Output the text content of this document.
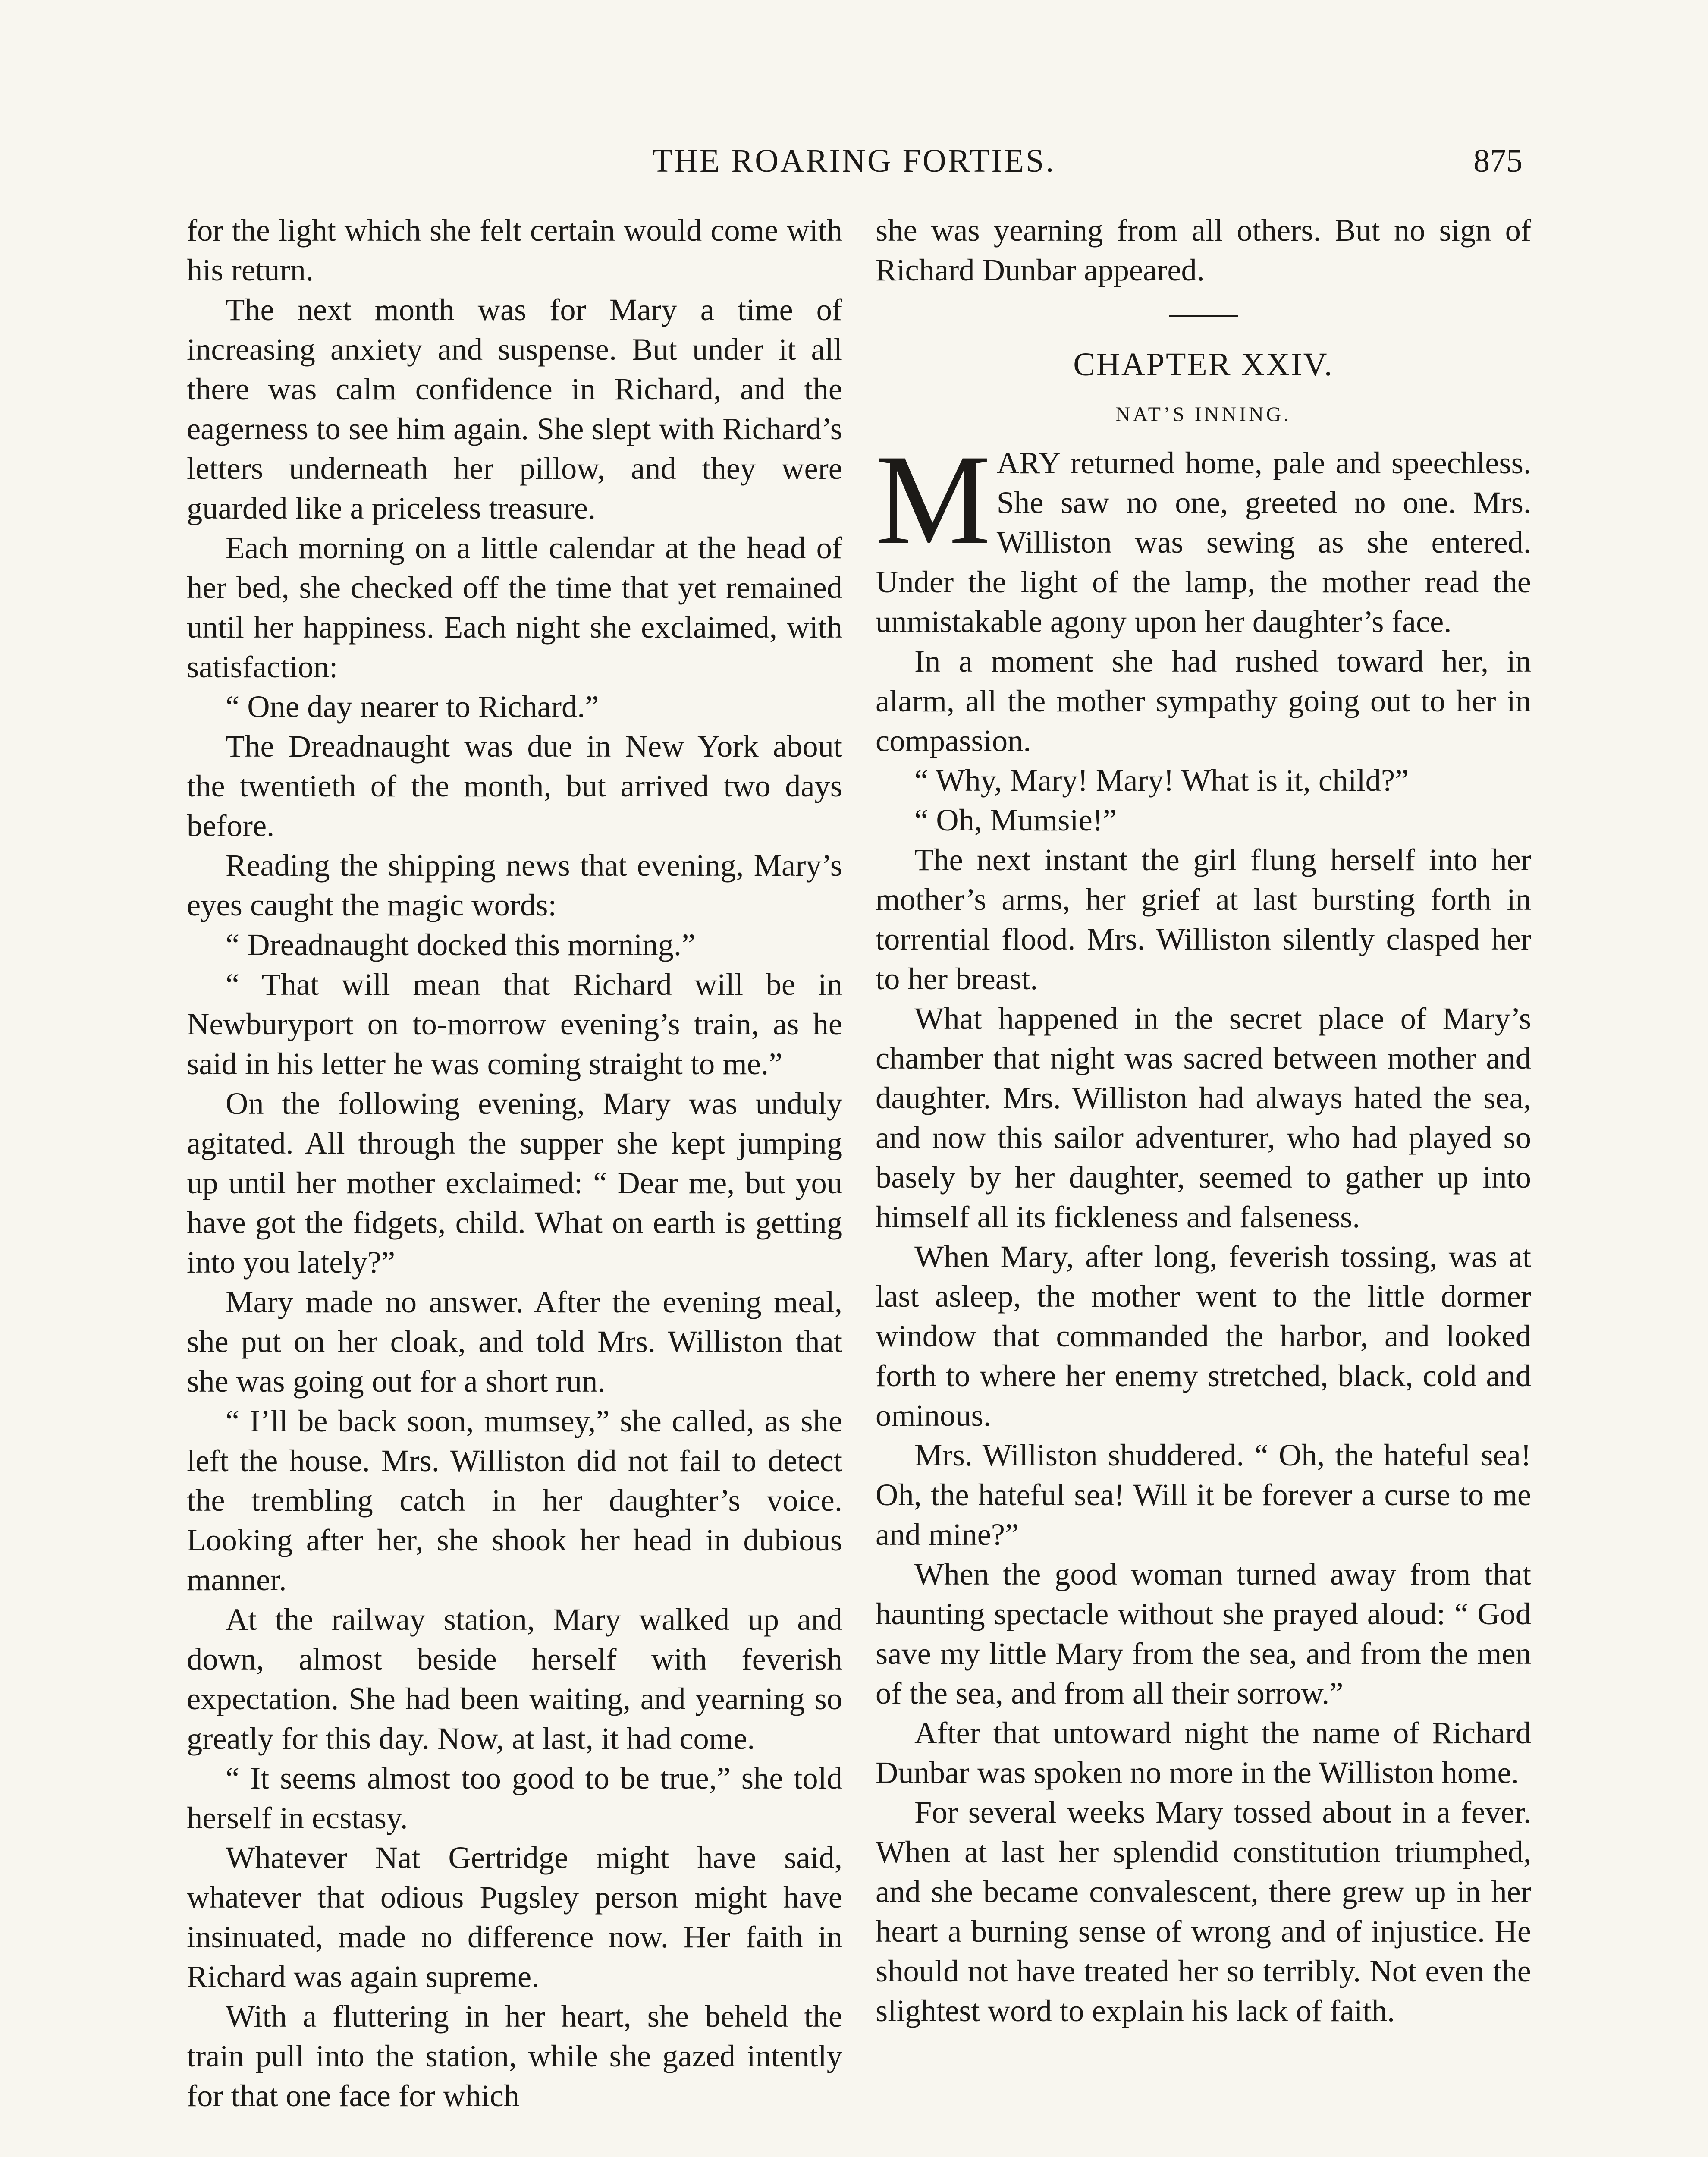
THE ROARING FORTIES.	875

for the light which she felt certain would come with his return.

The next month was for Mary a time of increasing anxiety and suspense. But under it all there was calm confidence in Richard, and the eagerness to see him again. She slept with Richard’s letters underneath her pillow, and they were guarded like a priceless treasure.

Each morning on a little calendar at the head of her bed, she checked off the time that yet remained until her happiness. Each night she exclaimed, with satisfaction:

“ One day nearer to Richard.”

The Dreadnaught was due in New York about the twentieth of the month, but arrived two days before.

Reading the shipping news that evening, Mary’s eyes caught the magic words:

“ Dreadnaught docked this morning.”

“ That will mean that Richard will be in Newburyport on to-morrow evening’s train, as he said in his letter he was coming straight to me.”

On the following evening, Mary was unduly agitated. All through the supper she kept jumping up until her mother exclaimed: “ Dear me, but you have got the fidgets, child. What on earth is getting into you lately?”

Mary made no answer. After the evening meal, she put on her cloak, and told Mrs. Williston that she was going out for a short run.

“ I’ll be back soon, mumsey,” she called, as she left the house. Mrs. Williston did not fail to detect the trembling catch in her daughter’s voice. Looking after her, she shook her head in dubious manner.

At the railway station, Mary walked up and down, almost beside herself with feverish expectation. She had been waiting, and yearning so greatly for this day. Now, at last, it had come.

“ It seems almost too good to be true,” she told herself in ecstasy.

Whatever Nat Gertridge might have said, whatever that odious Pugsley person might have insinuated, made no difference now. Her faith in Richard was again supreme.

With a fluttering in her heart, she beheld the train pull into the station, while she gazed intently for that one face for which

she was yearning from all others. But no sign of Richard Dunbar appeared.

CHAPTER XXIV.
NAT’S INNING.

MARY returned home, pale and speechless. She saw no one, greeted no one. Mrs. Williston was sewing as she entered. Under the light of the lamp, the mother read the unmistakable agony upon her daughter’s face.

In a moment she had rushed toward her, in alarm, all the mother sympathy going out to her in compassion.

“ Why, Mary! Mary! What is it, child?”

“ Oh, Mumsie!”

The next instant the girl flung herself into her mother’s arms, her grief at last bursting forth in torrential flood. Mrs. Williston silently clasped her to her breast.

What happened in the secret place of Mary’s chamber that night was sacred between mother and daughter. Mrs. Williston had always hated the sea, and now this sailor adventurer, who had played so basely by her daughter, seemed to gather up into himself all its fickleness and falseness.

When Mary, after long, feverish tossing, was at last asleep, the mother went to the little dormer window that commanded the harbor, and looked forth to where her enemy stretched, black, cold and ominous.

Mrs. Williston shuddered. “ Oh, the hateful sea! Oh, the hateful sea! Will it be forever a curse to me and mine?”

When the good woman turned away from that haunting spectacle without she prayed aloud: “ God save my little Mary from the sea, and from the men of the sea, and from all their sorrow.”

After that untoward night the name of Richard Dunbar was spoken no more in the Williston home.

For several weeks Mary tossed about in a fever. When at last her splendid constitution triumphed, and she became convalescent, there grew up in her heart a burning sense of wrong and of injustice. He should not have treated her so terribly. Not even the slightest word to explain his lack of faith.
